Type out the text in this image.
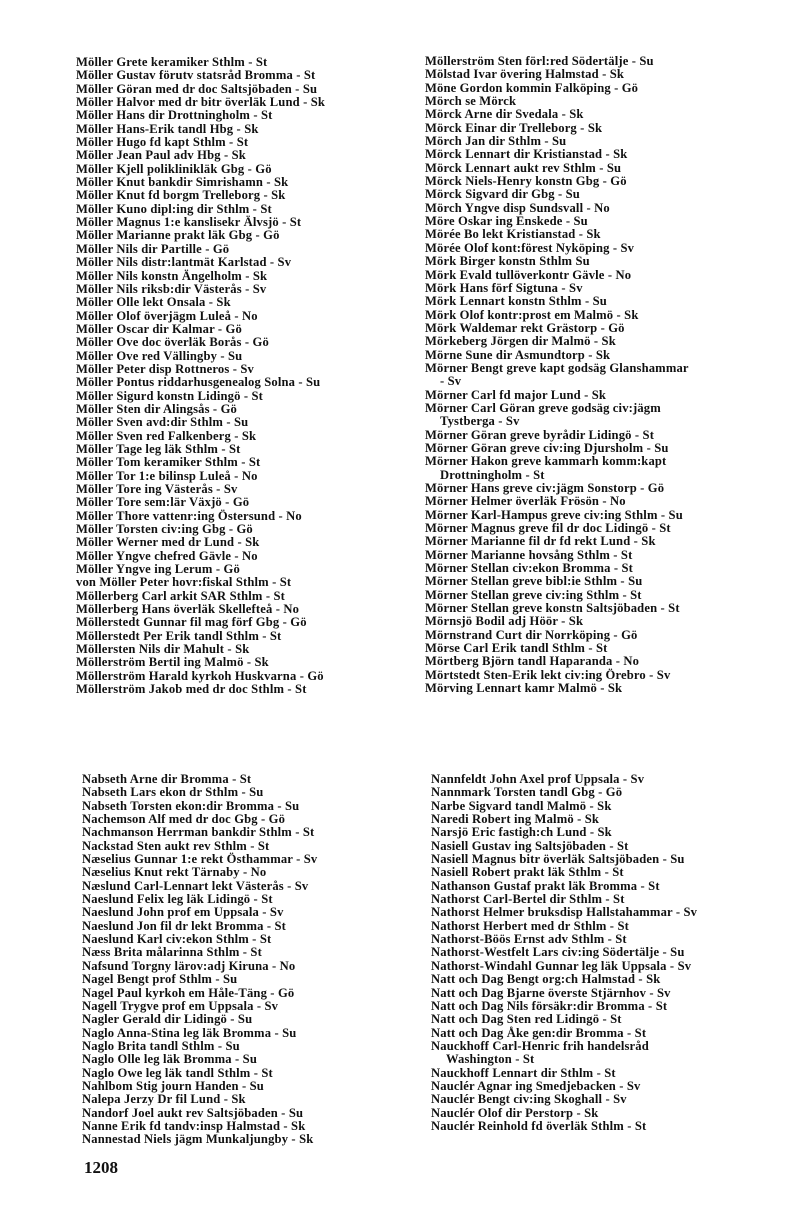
Möller Grete keramiker Sthlm - St
Möller Gustav förutv statsråd Bromma - St
Möller Göran med dr doc Saltsjöbaden - Su
Möller Halvor med dr bitr överläk Lund - Sk
Möller Hans dir Drottningholm - St
Möller Hans-Erik tandl Hbg - Sk
Möller Hugo fd kapt Sthlm - St
Möller Jean Paul adv Hbg - Sk
Möller Kjell poliklinikläk Gbg - Gö
Möller Knut bankdir Simrishamn - Sk
Möller Knut fd borgm Trelleborg - Sk
Möller Kuno dipl:ing dir Sthlm - St
Möller Magnus 1:e kanslisekr Älvsjö - St
Möller Marianne prakt läk Gbg - Gö
Möller Nils dir Partille - Gö
Möller Nils distr:lantmät Karlstad - Sv
Möller Nils konstn Ängelholm - Sk
Möller Nils riksb:dir Västerås - Sv
Möller Olle lekt Onsala - Sk
Möller Olof överjägm Luleå - No
Möller Oscar dir Kalmar - Gö
Möller Ove doc överläk Borås - Gö
Möller Ove red Vällingby - Su
Möller Peter disp Rottneros - Sv
Möller Pontus riddarhusgenealog Solna - Su
Möller Sigurd konstn Lidingö - St
Möller Sten dir Alingsås - Gö
Möller Sven avd:dir Sthlm - Su
Möller Sven red Falkenberg - Sk
Möller Tage leg läk Sthlm - St
Möller Tom keramiker Sthlm - St
Möller Tor 1:e bilinsp Luleå - No
Möller Tore ing Västerås - Sv
Möller Tore sem:lär Växjö - Gö
Möller Thore vattenr:ing Östersund - No
Möller Torsten civ:ing Gbg - Gö
Möller Werner med dr Lund - Sk
Möller Yngve chefred Gävle - No
Möller Yngve ing Lerum - Gö
von Möller Peter hovr:fiskal Sthlm - St
Möllerberg Carl arkit SAR Sthlm - St
Möllerberg Hans överläk Skellefteå - No
Möllerstedt Gunnar fil mag förf Gbg - Gö
Möllerstedt Per Erik tandl Sthlm - St
Möllersten Nils dir Mahult - Sk
Möllerström Bertil ing Malmö - Sk
Möllerström Harald kyrkoh Huskvarna - Gö
Möllerström Jakob med dr doc Sthlm - St
Möllerström Sten förl:red Södertälje - Su
Mölstad Ivar övering Halmstad - Sk
Möne Gordon kommin Falköping - Gö
Mörch se Mörck
Mörck Arne dir Svedala - Sk
Mörck Einar dir Trelleborg - Sk
Mörch Jan dir Sthlm - Su
Mörck Lennart dir Kristianstad - Sk
Mörck Lennart aukt rev Sthlm - Su
Mörck Niels-Henry konstn Gbg - Gö
Mörck Sigvard dir Gbg - Su
Mörch Yngve disp Sundsvall - No
Möre Oskar ing Enskede - Su
Mörée Bo lekt Kristianstad - Sk
Mörée Olof kont:förest Nyköping - Sv
Mörk Birger konstn Sthlm Su
Mörk Evald tullöverkontr Gävle - No
Mörk Hans förf Sigtuna - Sv
Mörk Lennart konstn Sthlm - Su
Mörk Olof kontr:prost em Malmö - Sk
Mörk Waldemar rekt Grästorp - Gö
Mörkeberg Jörgen dir Malmö - Sk
Mörne Sune dir Asmundtorp - Sk
Mörner Bengt greve kapt godsäg Glanshammar
- Sv
Mörner Carl fd major Lund - Sk
Mörner Carl Göran greve godsäg civ:jägm
Tystberga - Sv
Mörner Göran greve byrådir Lidingö - St
Mörner Göran greve civ:ing Djursholm - Su
Mörner Hakon greve kammarh komm:kapt
Drottningholm - St
Mörner Hans greve civ:jägm Sonstorp - Gö
Mörner Helmer överläk Frösön - No
Mörner Karl-Hampus greve civ:ing Sthlm - Su
Mörner Magnus greve fil dr doc Lidingö - St
Mörner Marianne fil dr fd rekt Lund - Sk
Mörner Marianne hovsång Sthlm - St
Mörner Stellan civ:ekon Bromma - St
Mörner Stellan greve bibl:ie Sthlm - Su
Mörner Stellan greve civ:ing Sthlm - St
Mörner Stellan greve konstn Saltsjöbaden - St
Mörnsjö Bodil adj Höör - Sk
Mörnstrand Curt dir Norrköping - Gö
Mörse Carl Erik tandl Sthlm - St
Mörtberg Björn tandl Haparanda - No
Mörtstedt Sten-Erik lekt civ:ing Örebro - Sv
Mörving Lennart kamr Malmö - Sk
Nabseth Arne dir Bromma - St
Nabseth Lars ekon dr Sthlm - Su
Nabseth Torsten ekon:dir Bromma - Su
Nachemson Alf med dr doc Gbg - Gö
Nachmanson Herrman bankdir Sthlm - St
Nackstad Sten aukt rev Sthlm - St
Næselius Gunnar 1:e rekt Östhammar - Sv
Næselius Knut rekt Tärnaby - No
Næslund Carl-Lennart lekt Västerås - Sv
Naeslund Felix leg läk Lidingö - St
Naeslund John prof em Uppsala - Sv
Naeslund Jon fil dr lekt Bromma - St
Naeslund Karl civ:ekon Sthlm - St
Næss Brita målarinna Sthlm - St
Nafsund Torgny lärov:adj Kiruna - No
Nagel Bengt prof Sthlm - Su
Nagel Paul kyrkoh em Håle-Täng - Gö
Nagell Trygve prof em Uppsala - Sv
Nagler Gerald dir Lidingö - Su
Naglo Anna-Stina leg läk Bromma - Su
Naglo Brita tandl Sthlm - Su
Naglo Olle leg läk Bromma - Su
Naglo Owe leg läk tandl Sthlm - St
Nahlbom Stig journ Handen - Su
Nalepa Jerzy Dr fil Lund - Sk
Nandorf Joel aukt rev Saltsjöbaden - Su
Nanne Erik fd tandv:insp Halmstad - Sk
Nannestad Niels jägm Munkaljungby - Sk
Nannfeldt John Axel prof Uppsala - Sv
Nannmark Torsten tandl Gbg - Gö
Narbe Sigvard tandl Malmö - Sk
Naredi Robert ing Malmö - Sk
Narsjö Eric fastigh:ch Lund - Sk
Nasiell Gustav ing Saltsjöbaden - St
Nasiell Magnus bitr överläk Saltsjöbaden - Su
Nasiell Robert prakt läk Sthlm - St
Nathanson Gustaf prakt läk Bromma - St
Nathorst Carl-Bertel dir Sthlm - St
Nathorst Helmer bruksdisp Hallstahammar - Sv
Nathorst Herbert med dr Sthlm - St
Nathorst-Böös Ernst adv Sthlm - St
Nathorst-Westfelt Lars civ:ing Södertälje - Su
Nathorst-Windahl Gunnar leg läk Uppsala - Sv
Natt och Dag Bengt org:ch Halmstad - Sk
Natt och Dag Bjarne överste Stjärnhov - Sv
Natt och Dag Nils försäkr:dir Bromma - St
Natt och Dag Sten red Lidingö - St
Natt och Dag Åke gen:dir Bromma - St
Nauckhoff Carl-Henric frih handelsråd
Washington - St
Nauckhoff Lennart dir Sthlm - St
Nauclér Agnar ing Smedjebacken - Sv
Nauclér Bengt civ:ing Skoghall - Sv
Nauclér Olof dir Perstorp - Sk
Nauclér Reinhold fd överläk Sthlm - St
1208
